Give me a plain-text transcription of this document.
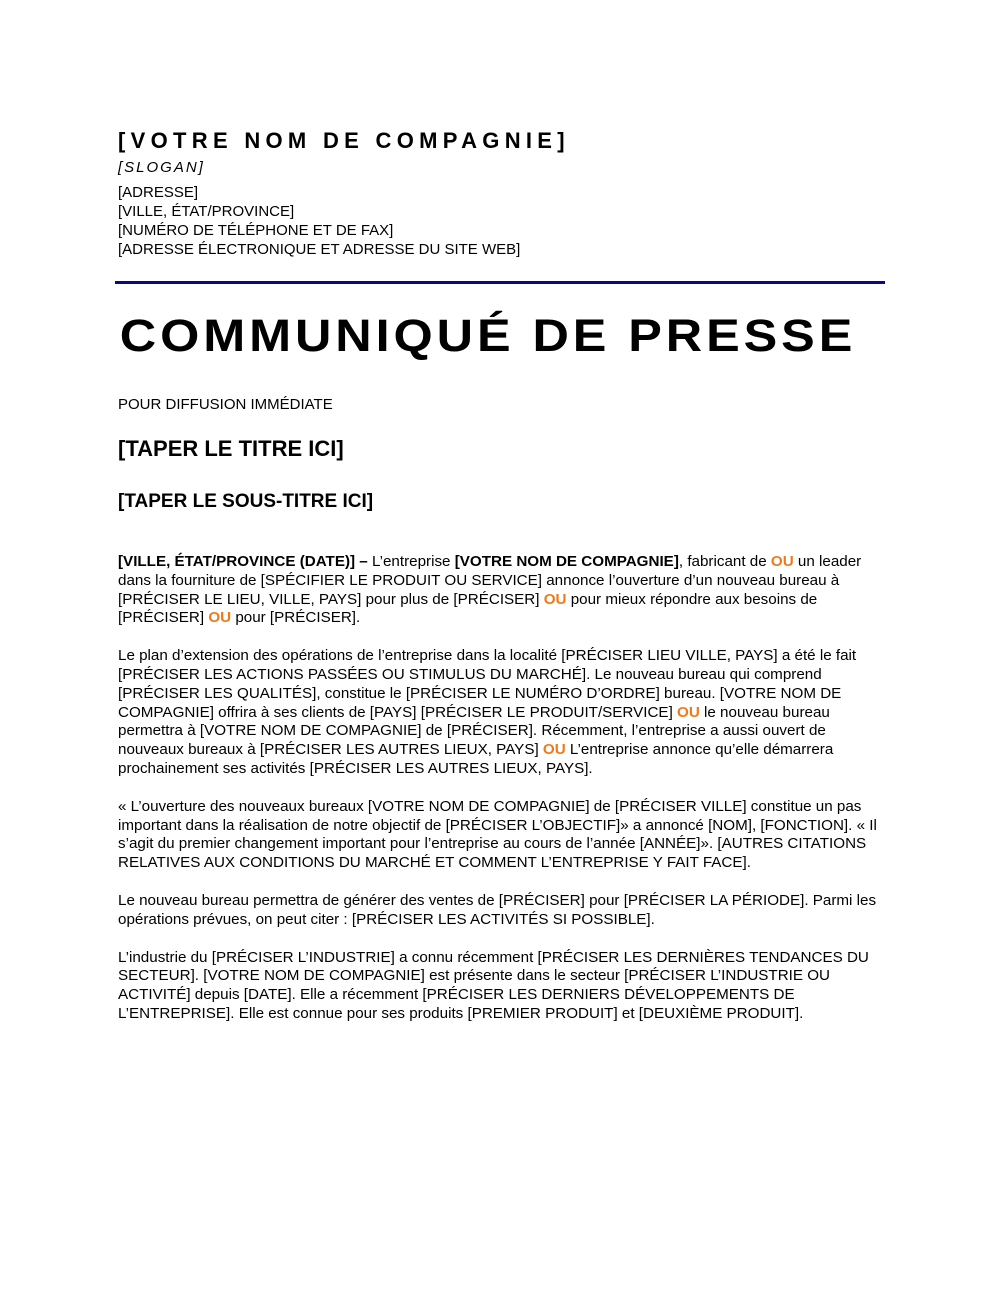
[VOTRE NOM DE COMPAGNIE]
[SLOGAN]
[ADRESSE]
[VILLE, ÉTAT/PROVINCE]
[NUMÉRO DE TÉLÉPHONE ET DE FAX]
[ADRESSE ÉLECTRONIQUE ET ADRESSE DU SITE WEB]
COMMUNIQUÉ DE PRESSE
POUR DIFFUSION IMMÉDIATE
[TAPER LE TITRE ICI]
[TAPER LE SOUS-TITRE ICI]

[VILLE, ÉTAT/PROVINCE (DATE)] – L’entreprise [VOTRE NOM DE COMPAGNIE], fabricant de OU un leader dans la fourniture de [SPÉCIFIER LE PRODUIT OU SERVICE] annonce l’ouverture d’un nouveau bureau à [PRÉCISER LE LIEU, VILLE, PAYS] pour plus de [PRÉCISER] OU pour mieux répondre aux besoins de [PRÉCISER] OU pour [PRÉCISER].

Le plan d’extension des opérations de l’entreprise dans la localité [PRÉCISER LIEU VILLE, PAYS] a été le fait [PRÉCISER LES ACTIONS PASSÉES OU STIMULUS DU MARCHÉ]. Le nouveau bureau qui comprend [PRÉCISER LES QUALITÉS], constitue le [PRÉCISER LE NUMÉRO D’ORDRE] bureau. [VOTRE NOM DE COMPAGNIE] offrira à ses clients de [PAYS] [PRÉCISER LE PRODUIT/SERVICE] OU le nouveau bureau permettra à [VOTRE NOM DE COMPAGNIE] de [PRÉCISER]. Récemment, l’entreprise a aussi ouvert de nouveaux bureaux à [PRÉCISER LES AUTRES LIEUX, PAYS] OU L’entreprise annonce qu’elle démarrera prochainement ses activités [PRÉCISER LES AUTRES LIEUX, PAYS].

« L’ouverture des nouveaux bureaux [VOTRE NOM DE COMPAGNIE] de [PRÉCISER VILLE] constitue un pas important dans la réalisation de notre objectif de [PRÉCISER L’OBJECTIF]» a annoncé [NOM], [FONCTION]. « Il s’agit du premier changement important pour l’entreprise au cours de l’année [ANNÉE]». [AUTRES CITATIONS RELATIVES AUX CONDITIONS DU MARCHÉ ET COMMENT L’ENTREPRISE Y FAIT FACE].

Le nouveau bureau permettra de générer des ventes de [PRÉCISER] pour [PRÉCISER LA PÉRIODE]. Parmi les opérations prévues, on peut citer : [PRÉCISER LES ACTIVITÉS SI POSSIBLE].

L’industrie du [PRÉCISER L’INDUSTRIE] a connu récemment [PRÉCISER LES DERNIÈRES TENDANCES DU SECTEUR]. [VOTRE NOM DE COMPAGNIE] est présente dans le secteur [PRÉCISER L’INDUSTRIE OU ACTIVITÉ] depuis [DATE]. Elle a récemment [PRÉCISER LES DERNIERS DÉVELOPPEMENTS DE L’ENTREPRISE]. Elle est connue pour ses produits [PREMIER PRODUIT] et [DEUXIÈME PRODUIT].
